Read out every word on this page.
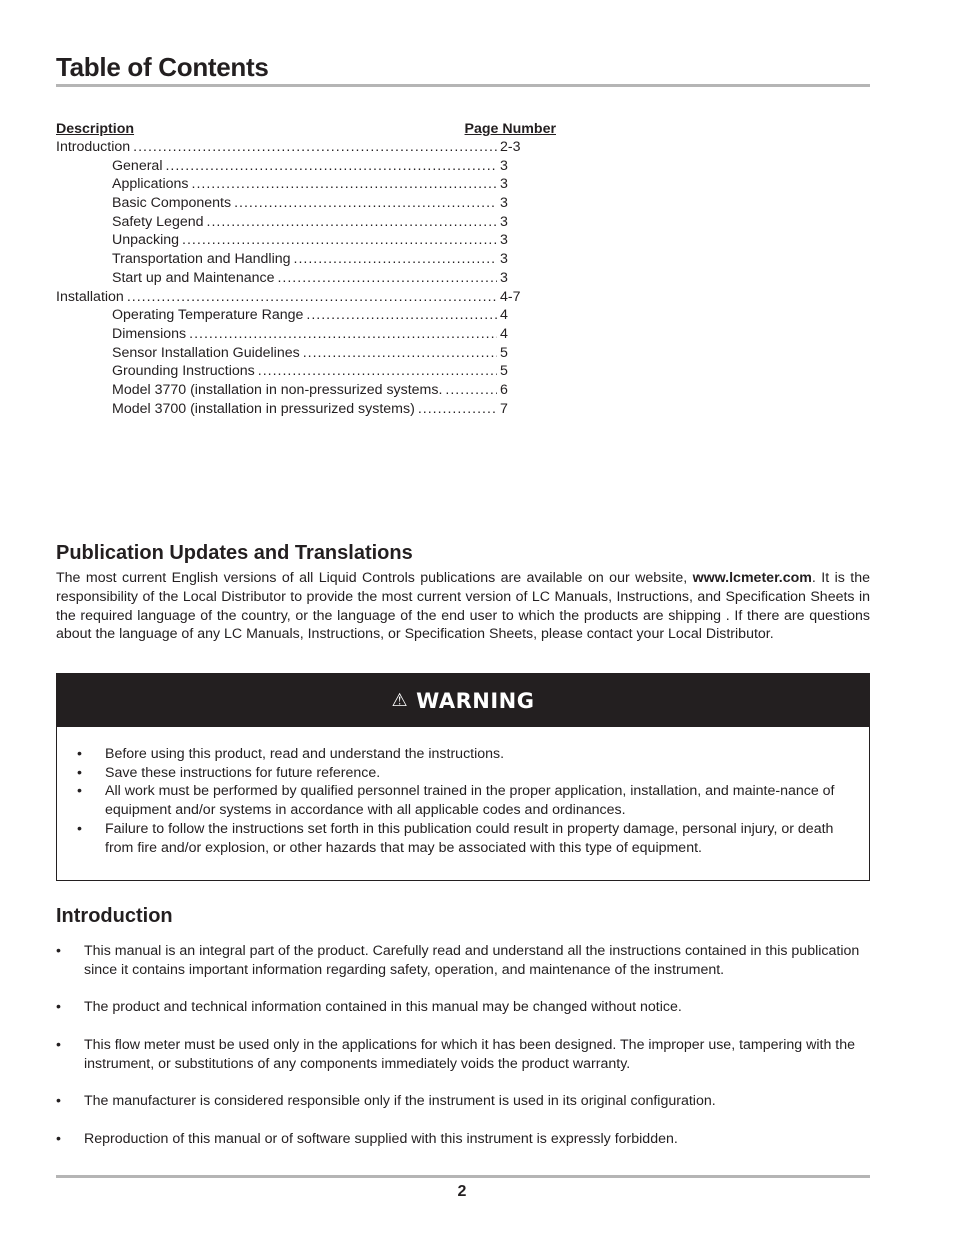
Table of Contents
Description	Page Number
Introduction .....	2-3
General .....	3
Applications .....	3
Basic Components .....	3
Safety Legend .....	3
Unpacking .....	3
Transportation and Handling .....	3
Start up and Maintenance .....	3
Installation .....	4-7
Operating Temperature Range .....	4
Dimensions .....	4
Sensor Installation Guidelines .....	5
Grounding Instructions .....	5
Model 3770 (installation in non-pressurized systems. .....	6
Model 3700 (installation in pressurized systems) .....	7
Publication Updates and Translations

The most current English versions of all Liquid Controls publications are available on our website, www.lcmeter.com. It is the responsibility of the Local Distributor to provide the most current version of LC Manuals, Instructions, and Specification Sheets in the required language of the country, or the language of the end user to which the products are shipping . If there are questions about the language of any LC Manuals, Instructions, or Specification Sheets, please contact your Local Distributor.

⚠ WARNING
• Before using this product, read and understand the instructions.
• Save these instructions for future reference.
• All work must be performed by qualified personnel trained in the proper application, installation, and mainte-nance of equipment and/or systems in accordance with all applicable codes and ordinances.
• Failure to follow the instructions set forth in this publication could result in property damage, personal injury, or death from fire and/or explosion, or other hazards that may be associated with this type of equipment.
Introduction
• This manual is an integral part of the product. Carefully read and understand all the instructions contained in this publication since it contains important information regarding safety, operation, and maintenance of the instrument.
• The product and technical information contained in this manual may be changed without notice.
• This flow meter must be used only in the applications for which it has been designed. The improper use, tampering with the instrument, or substitutions of any components immediately voids the product warranty.
• The manufacturer is considered responsible only if the instrument is used in its original configuration.
• Reproduction of this manual or of software supplied with this instrument is expressly forbidden.
2
